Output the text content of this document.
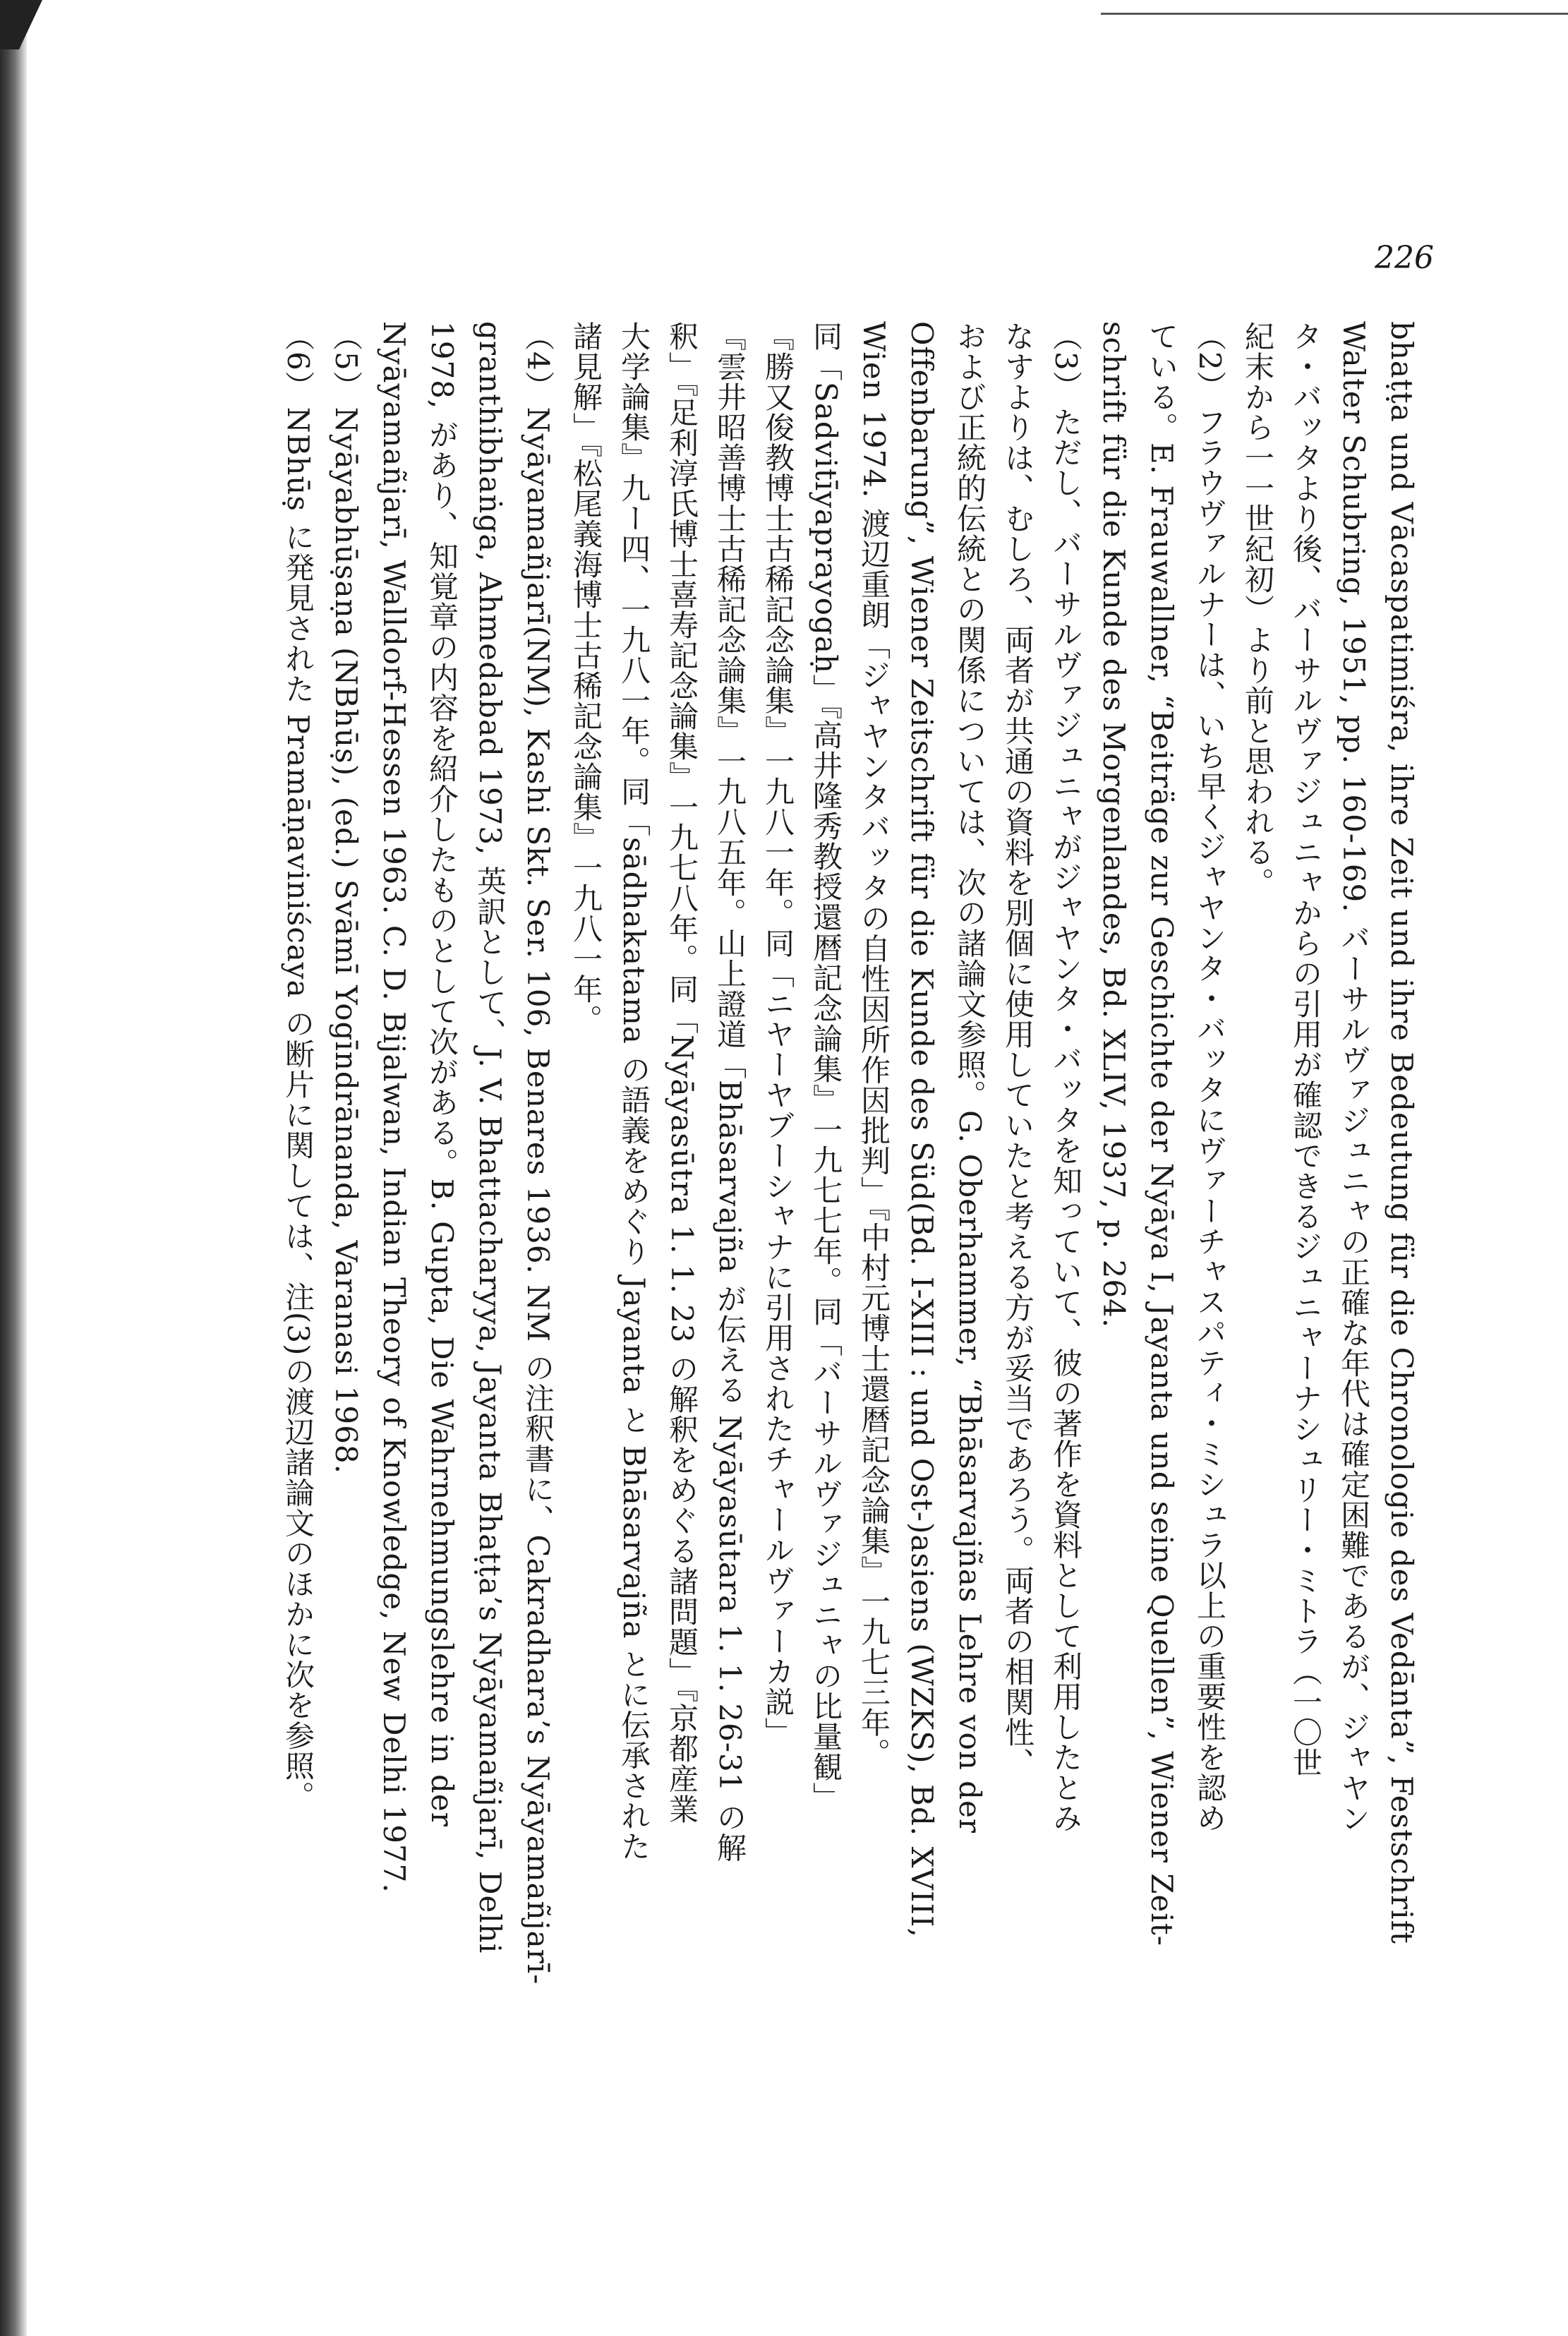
226
bhaṭṭa und Vācaspatimiśra, ihre Zeit und ihre Bedeutung für die Chronologie des Vedānta”, Festschrift
Walter Schubring, 1951, pp. 160-169. バーサルヴァジュニャの正確な年代は確定困難であるが、ジャヤン
タ・バッタより後、バーサルヴァジュニャからの引用が確認できるジュニャーナシュリー・ミトラ（一〇世
紀末から一一世紀初）より前と思われる。
（2）フラウヴァルナーは、いち早くジャヤンタ・バッタにヴァーチャスパティ・ミシュラ以上の重要性を認め
ている。E. Frauwallner, “Beiträge zur Geschichte der Nyāya I, Jayanta und seine Quellen”, Wiener Zeit-
schrift für die Kunde des Morgenlandes, Bd. XLIV, 1937, p. 264.
（3）ただし、バーサルヴァジュニャがジャヤンタ・バッタを知っていて、彼の著作を資料として利用したとみ
なすよりは、むしろ、両者が共通の資料を別個に使用していたと考える方が妥当であろう。両者の相関性、
および正統的伝統との関係については、次の諸論文参照。G. Oberhammer, “Bhāsarvajñas Lehre von der
Offenbarung”, Wiener Zeitschrift für die Kunde des Süd(Bd. I-XIII : und Ost-)asiens (WZKS), Bd. XVIII,
Wien 1974. 渡辺重朗「ジャヤンタバッタの自性因所作因批判」『中村元博士還暦記念論集』一九七三年。
同「Sadvitīyaprayogaḥ」『高井隆秀教授還暦記念論集』一九七七年。同「バーサルヴァジュニャの比量観」
『勝又俊教博士古稀記念論集』一九八一年。同「ニヤーヤブーシャナに引用されたチャールヴァーカ説」
『雲井昭善博士古稀記念論集』一九八五年。山上證道「Bhāsarvajña が伝える Nyāyasūtara 1. 1. 26-31 の解
釈」『足利淳氏博士喜寿記念論集』一九七八年。同「Nyāyasūtra 1. 1. 23 の解釈をめぐる諸問題」『京都産業
大学論集』九ー四、一九八一年。同「sādhakatama の語義をめぐり Jayanta と Bhāsarvajña とに伝承された
諸見解」『松尾義海博士古稀記念論集』一九八一年。
（4）Nyāyamañjarī(NM), Kashi Skt. Ser. 106, Benares 1936. NM の注釈書に、Cakradhara’s Nyāyamañjarī-
granthibhaṅga, Ahmedabad 1973, 英訳として、J. V. Bhattacharyya, Jayanta Bhaṭṭa’s Nyāyamañjarī, Delhi
1978, があり、知覚章の内容を紹介したものとして次がある。B. Gupta, Die Wahrnehmungslehre in der
Nyāyamañjarī, Walldorf-Hessen 1963. C. D. Bijalwan, Indian Theory of Knowledge, New Delhi 1977.
（5）Nyāyabhūṣaṇa (NBhūṣ), (ed.) Svāmī Yogīndrānanda, Varanasi 1968.
（6）NBhūṣ に発見された Pramāṇaviniścaya の断片に関しては、注(3)の渡辺諸論文のほかに次を参照。
